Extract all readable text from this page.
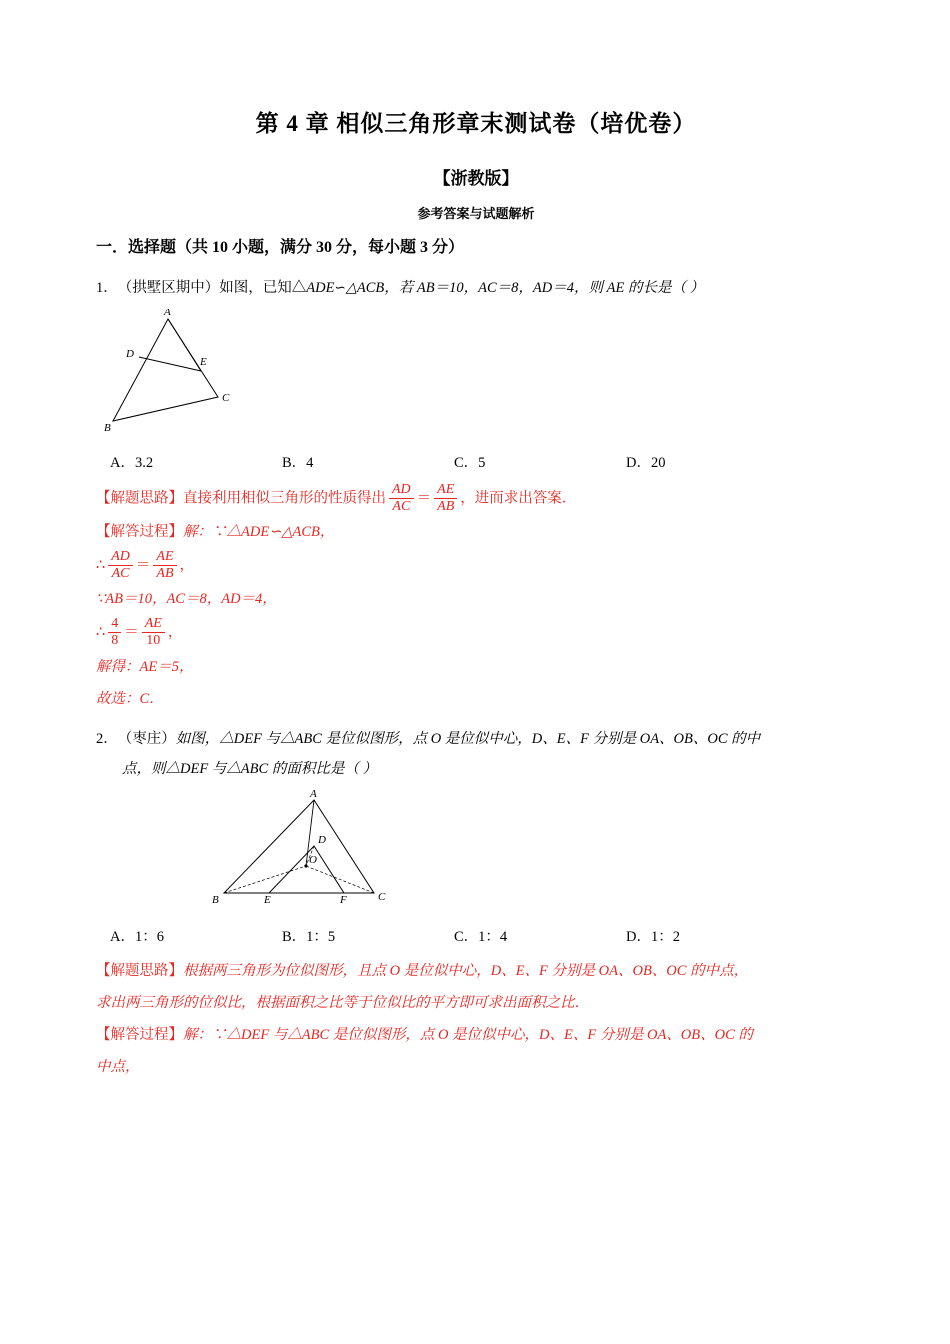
第 4 章 相似三角形章末测试卷（培优卷）
【浙教版】
参考答案与试题解析
一．选择题（共 10 小题，满分 30 分，每小题 3 分）
1．（拱墅区期中）如图，已知△ADE∽△ACB，若 AB＝10，AC＝8，AD＝4，则 AE 的长是（ ）
A
D
E
C
B
A．3.2	B．4	C．5	D．20
【解题思路】直接利用相似三角形的性质得出 $\frac{AD}{AC} = \frac{AE}{AB}$ ，进而求出答案．
【解答过程】解：∵△ADE∽△ACB，
∴ $\frac{AD}{AC} = \frac{AE}{AB}$ ，
∵AB＝10，AC＝8，AD＝4，
∴ $\frac{4}{8} = \frac{AE}{10}$ ，
解得：AE＝5，
故选：C．
2．（枣庄）如图，△DEF 与△ABC 是位似图形，点 O 是位似中心，D、E、F 分别是 OA、OB、OC 的中
点，则△DEF 与△ABC 的面积比是（ ）
A
D
O
B	E	F	C
A．1：6	B．1：5	C．1：4	D．1：2
【解题思路】根据两三角形为位似图形，且点 O 是位似中心，D、E、F 分别是 OA、OB、OC 的中点，
求出两三角形的位似比，根据面积之比等于位似比的平方即可求出面积之比．
【解答过程】解：∵△DEF 与△ABC 是位似图形，点 O 是位似中心，D、E、F 分别是 OA、OB、OC 的
中点，
